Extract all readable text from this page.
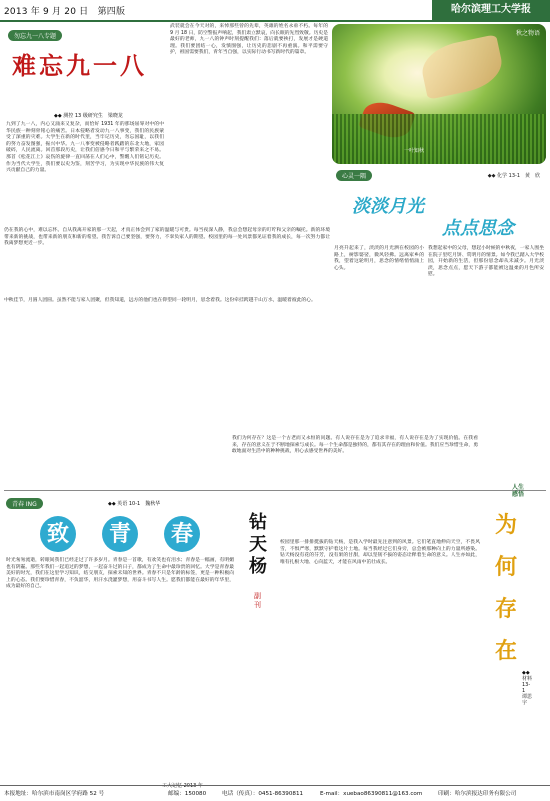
2013 年 9 月 20 日　第四版	哈尔滨理工大学报
勿忘九一八专题
难忘九一八
◆◆ 测控 13 级研究生　梁晓龙
九到了九一八，内心又涌来又复杂，而恰好 1931 年的那场屈辱对中的中华民族一种刻骨铭心的痛苦。日本侵略者发动九一八事变，我们的民族蒙受了深重的灾难。大学生在新的时代里，当牢记历史，勿忘国耻，以我们的努力奋发图强，振兴中华。九一八事变被侵略者践踏的东北大地，家园破碎，人民流离。回首那段历史，让我们倍感今日和平与繁荣来之不易。那首《松花江上》哀伤的旋律一直回荡在人们心中，警醒人们铭记历史。作为当代大学生，我们要以史为鉴，刻苦学习，为实现中华民族的伟大复兴贡献自己的力量。
武装就会在今天对的，来悼那些曾的先辈，英雄的姓名永垂不朽。每年的 9 月 18 日，防空警报声响起，我们肃立默哀，向长眠的先烈致敬。历史是最好的老师，九一八的钟声时刻提醒我们：落后就要挨打，发展才是硬道理。我们要团结一心，发愤图强，让历史的悲剧不再重演。和平需要守护，祖国需要我们，青年当自强，以实际行动书写新时代的篇章。
秋之物语
一叶知秋
心灵一隅	◆◆ 化学 13-1　黄　欣
淡淡月光
点点思念
月亮升起来了，淡淡的月光洒在校园的小路上，树影婆娑，微风轻拂。远离家乡的我，望着这轮明月，思念的情绪悄悄涌上心头。
我想起家中的父母，想起小时候的中秋夜，一家人围坐在院子里吃月饼、赏明月的情景。如今我已踏入大学校园，开始新的生活，但那份思念却从未减少。月光淡淡，思念点点，愿天下游子都能被这温柔的月色所安慰。
仍在我的心中，难以忘怀。自从我离开家的那一天起，才真正体会到了家的温暖与可贵。每当夜深人静，我总会想起母亲的叮咛和父亲的嘱托。新的环境带来新的挑战，也带来新的朋友和新的希望。我告诉自己要坚强，要努力，不辜负家人的期望。校园里的每一处风景都见证着我的成长，每一次努力都让我离梦想更近一步。
中秋佳节，月圆人团圆。虽然不能与家人团聚，但我知道，远方的他们也在仰望同一轮明月，思念着我。这份牵挂跨越千山万水，温暖着彼此的心。
青春 ING	◆◆ 英语 10-1　魏秋华
致	青	春
时光匆匆流逝，转眼间我们已经走过了许多岁月。青春是一首歌，有欢笑也有泪水；青春是一幅画，有明媚也有阴霾。那些年我们一起追过的梦想，一起奋斗过的日子，都成为了生命中最珍贵的回忆。大学是青春最美好的时光，我们在这里学习知识，结交朋友，探索未知的世界。青春不只是年龄的标签，更是一种积极向上的心态。我们要珍惜青春，不负韶华，用汗水浇灌梦想，用奋斗书写人生。愿我们都能在最好的年华里，成为最好的自己。
工大记忆 2013 年
钻天杨
副刊
校园里那一排排挺拔的钻天杨，是我入学时最先注意到的风景。它们笔直地伸向天空，不畏风雪，不惧严寒，默默守护着这片土地。每当我经过它们身旁，总会被那种向上的力量所感染。钻天杨没有花的芬芳，没有果的甘甜，却以坚韧不拔的姿态诠释着生命的意义。人生亦如此，唯有扎根大地、心向蓝天，才能在风雨中茁壮成长。
我们为何存在？这是一个古老而又永恒的问题。有人说存在是为了追求幸福，有人说存在是为了实现价值。在我看来，存在的意义在于不断地探索与成长。每一个生命都是独特的，都有其存在的理由和价值。我们应当珍惜生命，勇敢地面对生活中的种种挑战，用心去感受世界的美好。
人生感悟
为何存在
◆◆ 材料 13-1　谭思宇
本报地址：哈尔滨市南岗区学府路 52 号	邮编：150080	电话（传真）：0451-86390811	E-mail：xuebao86390811@163.com	印刷：哈尔滨报达印务有限公司
